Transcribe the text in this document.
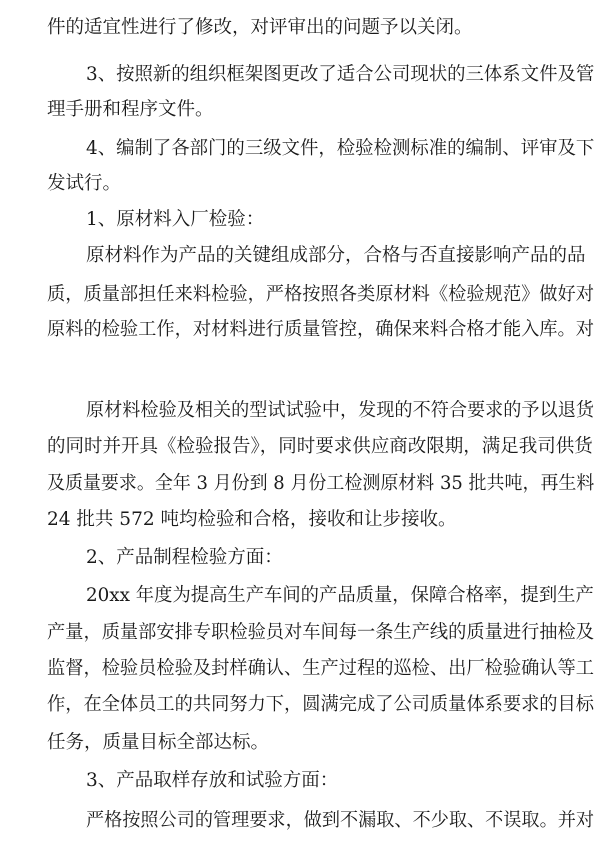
件的适宜性进行了修改，对评审出的问题予以关闭。
3、按照新的组织框架图更改了适合公司现状的三体系文件及管
理手册和程序文件。
4、编制了各部门的三级文件，检验检测标准的编制、评审及下
发试行。
1、原材料入厂检验：
原材料作为产品的关键组成部分，合格与否直接影响产品的品
质，质量部担任来料检验，严格按照各类原材料《检验规范》做好对
原料的检验工作，对材料进行质量管控，确保来料合格才能入库。对
原材料检验及相关的型试试验中，发现的不符合要求的予以退货
的同时并开具《检验报告》，同时要求供应商改限期，满足我司供货
及质量要求。全年 3 月份到 8 月份工检测原材料 35 批共吨，再生料
24 批共 572 吨均检验和合格，接收和让步接收。
2、产品制程检验方面：
20xx 年度为提高生产车间的产品质量，保障合格率，提到生产
产量，质量部安排专职检验员对车间每一条生产线的质量进行抽检及
监督，检验员检验及封样确认、生产过程的巡检、出厂检验确认等工
作，在全体员工的共同努力下，圆满完成了公司质量体系要求的目标
任务，质量目标全部达标。
3、产品取样存放和试验方面：
严格按照公司的管理要求，做到不漏取、不少取、不误取。并对
